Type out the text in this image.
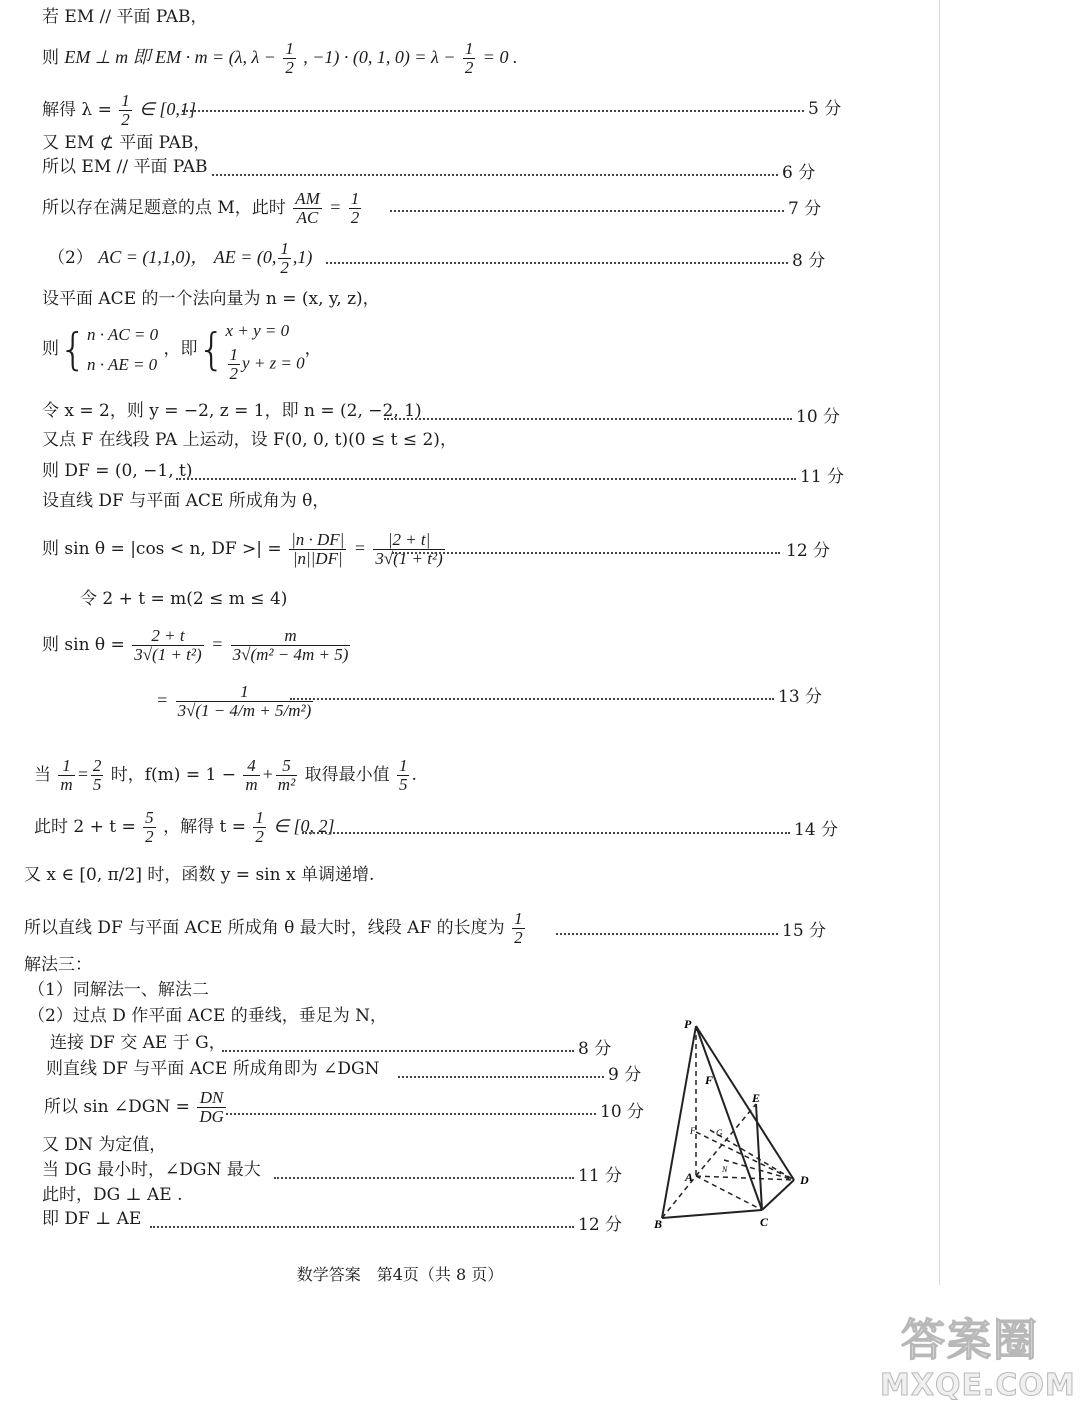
若 EM // 平面 PAB，
则 EM ⊥ m 即 EM · m = (λ, $\lambda - \frac{1}{2}$ , −1) · (0, 1, $0) = \lambda - \frac{1}{2} = 0$ .
解得 $\lambda = \frac{1}{2}$ ∈ [0,1]	5 分
又 EM ⊄ 平面 PAB，
所以 EM // 平面 PAB	6 分
所以存在满足题意的点 M，此时 $\frac{AM}{AC} = \frac{1}{2}$	7 分
（2） AC = (1,1,0)， AE = (0, $\frac{1}{2} ,1$)	8 分
设平面 ACE 的一个法向量为 n = (x, y, z)，
则{ n · AC = 0
n · AE = 0
，即{ x + y = 0
$\frac{1}{2}$ y + z = 0
，
令 x = 2，则 y = −2, z = 1，即 n = (2, −2, 1)	10 分
又点 F 在线段 PA 上运动，设 F(0, 0, t)(0 ≤ t ≤ 2)，
则 DF = (0, −1, t)	11 分
设直线 DF 与平面 ACE 所成角为 θ，
则 sin θ = |cos < n, DF >| = $\frac{|n \cdot DF|}{|n||DF|} = \frac{|2 + t|}{\text{3√(1 + t²)}}$	12 分
令 2 + t = m(2 ≤ m ≤ 4)
则 $\sin \theta = \frac{2 + t}{\text{3√(1 + t²)}} = \frac{m}{\text{3√(m² − 4m + 5)}}$
= $\frac{1}{\text{3√(1 − 4/m + 5/m²)}}$	13 分
当 $\frac{1}{m} = \frac{2}{5}$ 时，$f(m) = 1 - \frac{4}{m} + \frac{5}{\text{m²}}$ 取得最小值 $\frac{1}{5}$ .
此时 $2 + t = \frac{5}{2}$ ，解得 $t = \frac{1}{2}$ ∈ [0, 2]	14 分
又 x ∈ [0, π/2] 时，函数 y = sin x 单调递增.
所以直线 DF 与平面 ACE 所成角 θ 最大时，线段 AF 的长度为 $\frac{1}{2}$	15 分
解法三：
（1）同解法一、解法二
（2）过点 D 作平面 ACE 的垂线，垂足为 N，
连接 DF 交 AE 于 G，	8 分
则直线 DF 与平面 ACE 所成角即为 ∠DGN	9 分
所以 sin ∠DGN = $\frac{DN}{DG}$	10 分
又 DN 为定值，
当 DG 最小时，∠DGN 最大	11 分
此时，DG ⊥ AE .
即 DF ⊥ AE	12 分
P
E
F
F G
A
N
D
B	C
数学答案　第4页（共 8 页）
答案圈
MXQE.COM
